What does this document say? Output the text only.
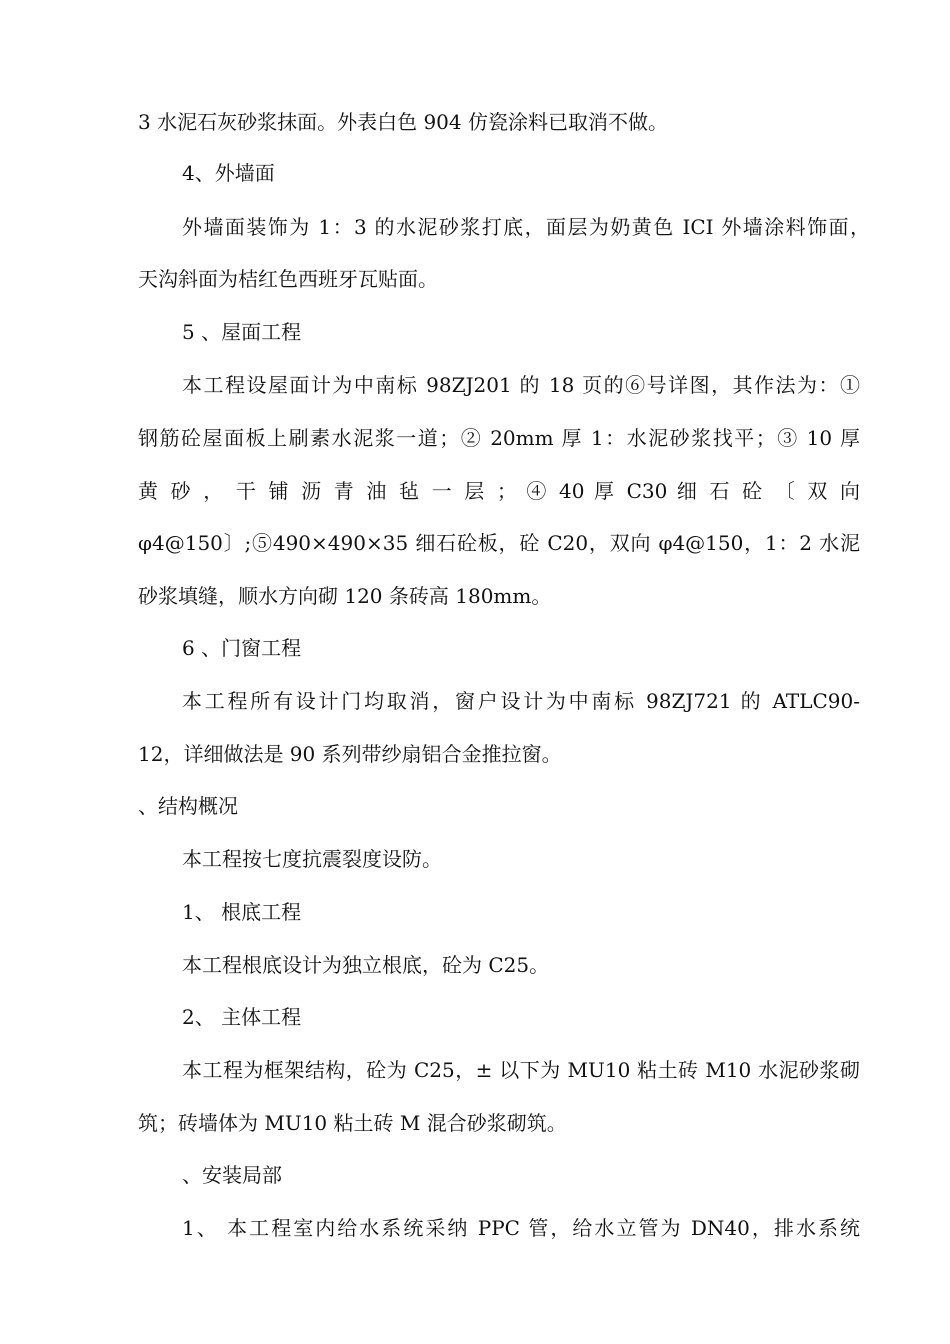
3 水泥石灰砂浆抹面。外表白色 904 仿瓷涂料已取消不做。
4、外墙面
外墙面装饰为 1：3 的水泥砂浆打底，面层为奶黄色 ICI 外墙涂料饰面，
天沟斜面为桔红色西班牙瓦贴面。
5 、屋面工程
本工程设屋面计为中南标 98ZJ201 的 18 页的⑥号详图，其作法为：①
钢筋砼屋面板上刷素水泥浆一道；② 20mm 厚 1：水泥砂浆找平；③ 10 厚
黄 砂 ， 干 铺 沥 青 油 毡 一 层 ； ④ 40 厚 C30 细 石 砼 〔 双 向
φ4@150〕;⑤490×490×35 细石砼板，砼 C20，双向 φ4@150，1：2 水泥
砂浆填缝，顺水方向砌 120 条砖高 180mm。
6 、门窗工程
本工程所有设计门均取消，窗户设计为中南标 98ZJ721 的 ATLC90-
12，详细做法是 90 系列带纱扇铝合金推拉窗。
、结构概况
本工程按七度抗震裂度设防。
1、 根底工程
本工程根底设计为独立根底，砼为 C25。
2、 主体工程
本工程为框架结构，砼为 C25，± 以下为 MU10 粘土砖 M10 水泥砂浆砌
筑；砖墙体为 MU10 粘土砖 M 混合砂浆砌筑。
、安装局部
1、 本工程室内给水系统采纳 PPC 管，给水立管为 DN40，排水系统
